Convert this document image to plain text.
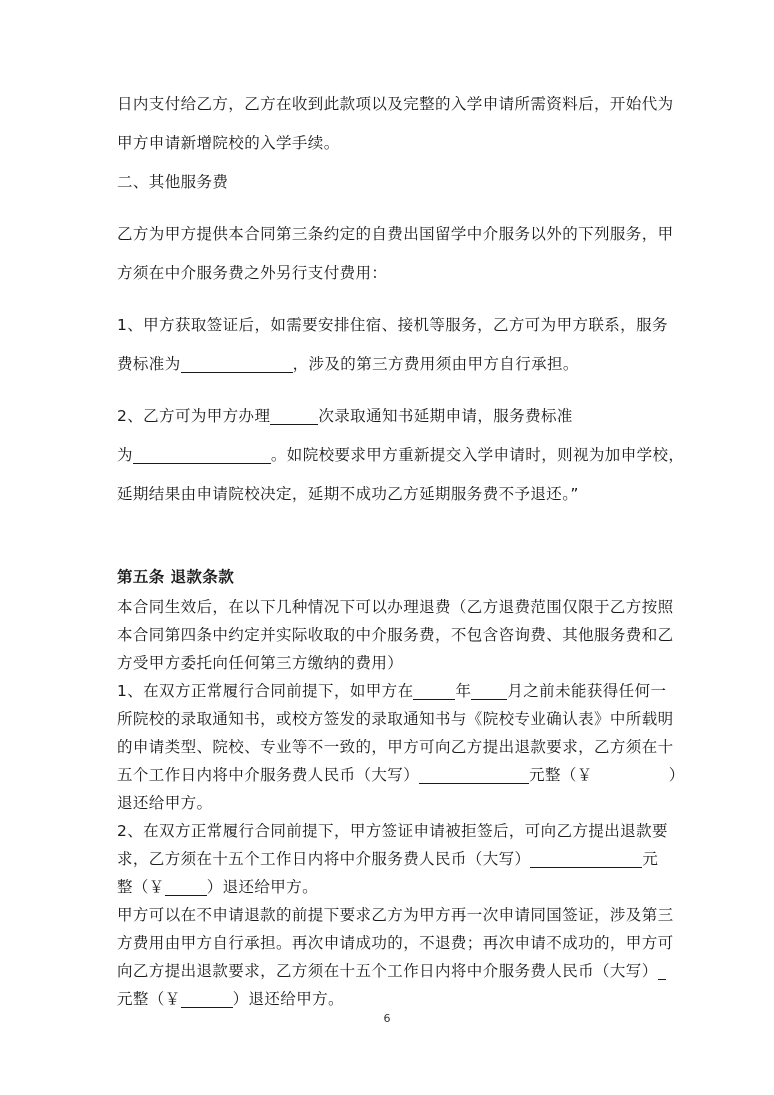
日内支付给乙方，乙方在收到此款项以及完整的入学申请所需资料后，开始代为
甲方申请新增院校的入学手续。
二、其他服务费
乙方为甲方提供本合同第三条约定的自费出国留学中介服务以外的下列服务，甲
方须在中介服务费之外另行支付费用：
1、甲方获取签证后，如需要安排住宿、接机等服务，乙方可为甲方联系，服务
费标准为	，涉及的第三方费用须由甲方自行承担。
2、乙方可为甲方办理	次录取通知书延期申请，服务费标准
为	。如院校要求甲方重新提交入学申请时，则视为加申学校，
延期结果由申请院校决定，延期不成功乙方延期服务费不予退还。”
第五条 退款条款
本合同生效后，在以下几种情况下可以办理退费（乙方退费范围仅限于乙方按照
本合同第四条中约定并实际收取的中介服务费，不包含咨询费、其他服务费和乙
方受甲方委托向任何第三方缴纳的费用）
1、在双方正常履行合同前提下，如甲方在	年 月之前未能获得任何一
所院校的录取通知书，或校方签发的录取通知书与《院校专业确认表》中所载明
的申请类型、院校、专业等不一致的，甲方可向乙方提出退款要求，乙方须在十
五个工作日内将中介服务费人民币（大写）	元整（￥	）
退还给甲方。
2、在双方正常履行合同前提下，甲方签证申请被拒签后，可向乙方提出退款要
求，乙方须在十五个工作日内将中介服务费人民币（大写）	元
整（￥	）退还给甲方。
甲方可以在不申请退款的前提下要求乙方为甲方再一次申请同国签证，涉及第三
方费用由甲方自行承担。再次申请成功的，不退费；再次申请不成功的，甲方可
向乙方提出退款要求，乙方须在十五个工作日内将中介服务费人民币（大写）
元整（￥	）退还给甲方。
6
